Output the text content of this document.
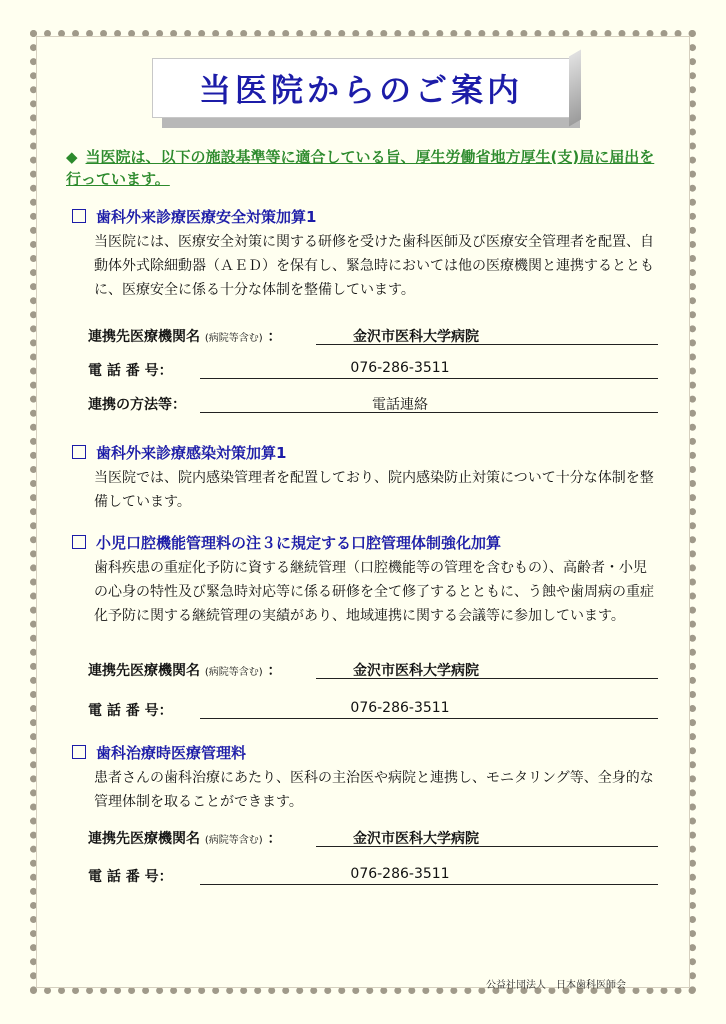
当医院からのご案内
◆ 当医院は、以下の施設基準等に適合している旨、厚生労働省地方厚生(支)局に届出を行っています。
歯科外来診療医療安全対策加算1
当医院には、医療安全対策に関する研修を受けた歯科医師及び医療安全管理者を配置、自動体外式除細動器（ＡＥＤ）を保有し、緊急時においては他の医療機関と連携するとともに、医療安全に係る十分な体制を整備しています。
連携先医療機関名 (病院等含む) ：	金沢市医科大学病院
電 話 番 号：	076-286-3511
連携の方法等：	電話連絡
歯科外来診療感染対策加算1
当医院では、院内感染管理者を配置しており、院内感染防止対策について十分な体制を整備しています。
小児口腔機能管理料の注３に規定する口腔管理体制強化加算
歯科疾患の重症化予防に資する継続管理（口腔機能等の管理を含むもの）、高齢者・小児の心身の特性及び緊急時対応等に係る研修を全て修了するとともに、う蝕や歯周病の重症化予防に関する継続管理の実績があり、地域連携に関する会議等に参加しています。
連携先医療機関名 (病院等含む) ：	金沢市医科大学病院
電 話 番 号：	076-286-3511
歯科治療時医療管理料
患者さんの歯科治療にあたり、医科の主治医や病院と連携し、モニタリング等、全身的な管理体制を取ることができます。
連携先医療機関名 (病院等含む) ：	金沢市医科大学病院
電 話 番 号：	076-286-3511
公益社団法人　日本歯科医師会
